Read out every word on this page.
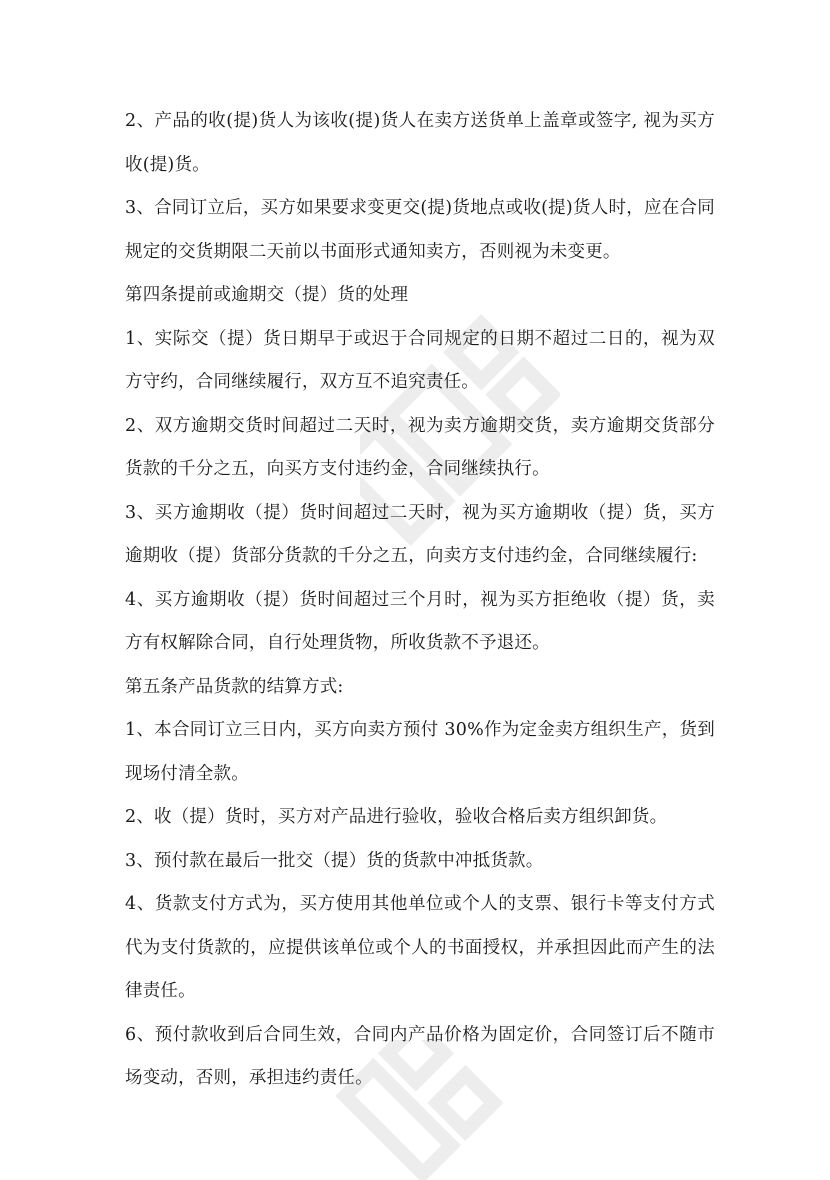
2、产品的收(提)货人为该收(提)货人在卖方送货单上盖章或签字, 视为买方收(提)货。

3、合同订立后，买方如果要求变更交(提)货地点或收(提)货人时，应在合同规定的交货期限二天前以书面形式通知卖方，否则视为未变更。

第四条提前或逾期交（提）货的处理

1、实际交（提）货日期早于或迟于合同规定的日期不超过二日的，视为双方守约，合同继续履行，双方互不追究责任。

2、双方逾期交货时间超过二天时，视为卖方逾期交货，卖方逾期交货部分货款的千分之五，向买方支付违约金，合同继续执行。

3、买方逾期收（提）货时间超过二天时，视为买方逾期收（提）货，买方逾期收（提）货部分货款的千分之五，向卖方支付违约金，合同继续履行:

4、买方逾期收（提）货时间超过三个月时，视为买方拒绝收（提）货，卖方有权解除合同，自行处理货物，所收货款不予退还。

第五条产品货款的结算方式:

1、本合同订立三日内，买方向卖方预付 30%作为定金卖方组织生产，货到现场付清全款。

2、收（提）货时，买方对产品进行验收，验收合格后卖方组织卸货。

3、预付款在最后一批交（提）货的货款中冲抵货款。

4、货款支付方式为，买方使用其他单位或个人的支票、银行卡等支付方式代为支付货款的，应提供该单位或个人的书面授权，并承担因此而产生的法律责任。

6、预付款收到后合同生效，合同内产品价格为固定价，合同签订后不随市场变动，否则，承担违约责任。
